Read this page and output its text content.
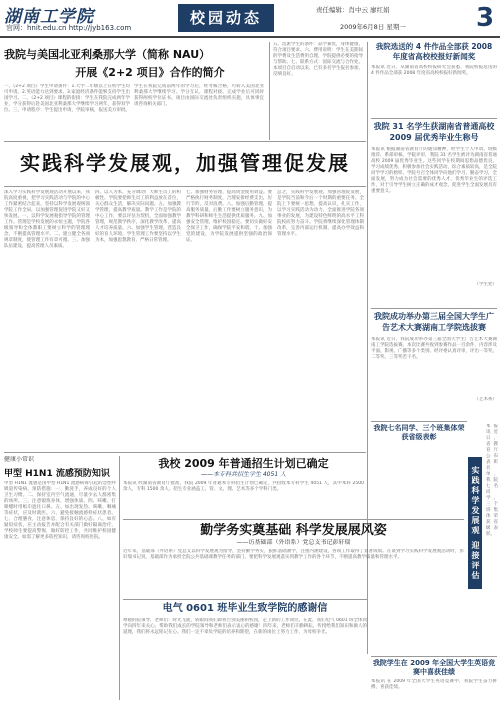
湖南工学院
官网：hnit.edu.cn http://jyb163.com
校园动态	责任编辑：肖中云 廖红娟
2009年6月8日 星期一	3
我院与美国北亚利桑那大学（简称 NAU）
开展《2+2 项目》合作的简介
一、《2+2 项目》学生申请条件：1.大学二年级以上在校学生均可申请。2.英语能力达到要求。3.家庭经济条件能够支持学生出国学习。二、《2+2 项目》课程的衔接：学生在我院完成两年学业，学分获得后赴美国北亚利桑那大学继续学习两年，获得双学位。三、申请程序：学生提出申请，学院审核，报送美方审批。
学生在我院完成前两年的学习后，经考核合格，可转入美国北亚利桑那大学继续学习。学分互认，课程对接。完成学业后可同时获得两校学位证书。项目由国际交流处负责组织实施，具体事宜请咨询相关部门。
五、选派学生的条件：品学兼优，身体健康，符合项目要求。六、费用说明：学生在美期间的学费及生活费用自理，学院提供必要的指导与帮助。七、联系方式：国际交流与合作处。本项目自启动以来，已有多名学生报名参加，反响良好。
我院选送的 4 件作品全部获 2008 年度省高校校报好新闻奖
本报讯 近日，从湖南省高校校报研究会获悉，我院校报选送的 4 件作品全部获 2008 年度省高校校报好新闻奖。
实践科学发展观，加强管理促发展
深入学习实践科学发展观活动开展以来，我院高度重视，把学习实践活动与学院的中心工作紧密结合起来，坚持以科学发展观统领学院工作全局，以加强管理促进学院又好又快发展。一、以科学发展观指导学院的管理工作。管理是学校发展的永恒主题，学院各级领导和全体教职工要树立科学的管理理念，不断提高管理水平。二、建立健全各项规章制度，使管理工作有章可循。三、加强队伍建设，提高管理人员素质。
四、以人为本，充分调动广大师生员工的积极性。学院要把师生员工的利益放在首位，关心群众生活，解决实际问题。五、加强教学管理，提高教学质量。教学工作是学院的中心工作，要以评估为契机，全面加强教学管理，规范教学秩序，深化教学改革，提高人才培养质量。六、加强学生管理，营造良好的育人环境。学生管理工作要坚持以学生为本，加强思想教育，严格日常管理。
七、加强财务管理，提高资金使用效益。要严格执行财务制度，合理安排经费支出，厉行节约，反对浪费。八、加强后勤管理，提高服务质量。后勤工作要树立服务意识，为教学科研和师生生活提供优质服务。九、加强安全管理，维护校园稳定。要切实做好安全保卫工作，确保学院平安和谐。十、加强党的建设，为学院发展提供坚强的政治保证。
总之，实践科学发展观，加强管理促发展，是学院当前和今后一个时期的重要任务。全院上下要统一思想，提高认识，扎实工作，以学习实践活动为动力，全面推进学院各项事业的发展，为建设特色鲜明的高水平工科院校而努力奋斗。学院将继续深化管理体制改革，完善内部运行机制，提高办学效益和管理水平。
我院 31 名学生获湖南省普通高校 2009 届优秀毕业生称号
本报讯 根据湖南省教育厅的通知精神，经学生个人申请、班级推荐、系部审核、学院评审，我院 31 名学生被评为湖南省普通高校 2009 届优秀毕业生。这些同学在校期间思想品德优良，学习成绩优秀，积极参加社会实践活动，综合素质较高，是全院同学学习的榜样。学院号召全体同学向他们学习，勤奋学习，全面发展，努力成为社会需要的优秀人才。优秀毕业生的评选工作，对于引导学生树立正确的成才观念，促进学生全面发展具有重要意义。
（学生处）
我院成功举办第三届全国大学生广告艺术大赛湖南工学院选拔赛
本报讯 近日，我院成功举办第三届全国大学生广告艺术大赛湖南工学院选拔赛。本次比赛共收到参赛作品一百余件，内容涉及平面、影视、广播等多个类别。经评委认真评审，评出一等奖、二等奖、三等奖若干名。
（艺术系）
健康小常识
甲型 H1N1 流感预防知识
甲型 H1N1 流感是由甲型 H1N1 流感病毒引起的急性呼吸道传染病。预防措施：一、勤洗手，养成良好的个人卫生习惯。二、保持室内空气流通，尽量少去人群密集的场所。三、注意锻炼身体，增强体质。四、咳嗽、打喷嚏时用纸巾遮住口鼻。五、如出现发热、咳嗽、咽痛等症状，应及时就医。六、避免接触流感样症状患者。七、合理膳食，注意休息，保持良好的心态。八、如有疑似症状，应主动报告并配合有关部门做好隔离治疗。学校师生要提高警惕，做好防控工作，共同维护校园健康安全。如需了解更多防控知识，请咨询校医院。
我校 2009 年普通招生计划已确定
——本专科共招生学生 4051 人
本报讯 经湖南省教育厅批准，我院 2009 年普通本专科招生计划已确定，共招收本专科学生 4051 人，其中本科 2500 余人，专科 1500 余人。招生专业涵盖工、管、文、理、艺术等多个学科门类。
勤学务实奠基础 科学发展展风姿
——访基础部（外语系）党总支书记彭轩瑞
近年来，基础部（外语系）党总支以科学发展观为指导，坚持勤学务实，狠抓基础教学，注重内涵建设，各项工作取得了显著成绩。在谈到学习实践科学发展观活动时，彭轩瑞书记说，基础部作为承担全院公共基础课教学任务的部门，要把科学发展观落实到教学工作的各个环节，不断提高教学质量和管理水平。	实践科学发展观 迎接评估
我院七名同学、三个班集体荣获省级表彰
本报讯 近日，省教育厅公布表彰名单，我院七名同学、三个班集体荣获省级表彰。
电气 0601 班毕业生致学院的感谢信
尊敬的院领导、老师们：时光飞逝，转眼间我们即将告别美丽的校园，走上新的工作岗位。在此，我们电气 0601 班全体同学向四年来关心、帮助我们成长的学院领导和老师们表示衷心的感谢！四年来，老师们辛勤耕耘，传授给我们知识和做人的道理，我们将永远铭记在心。我们一定不辜负学院的培养和期望，在新的岗位上努力工作，为母校争光。
我院学生在 2009 年全国大学生英语竞赛中喜获佳绩
本报讯 在 2009 年全国大学生英语竞赛中，我院学生奋力拼搏，喜获佳绩。
